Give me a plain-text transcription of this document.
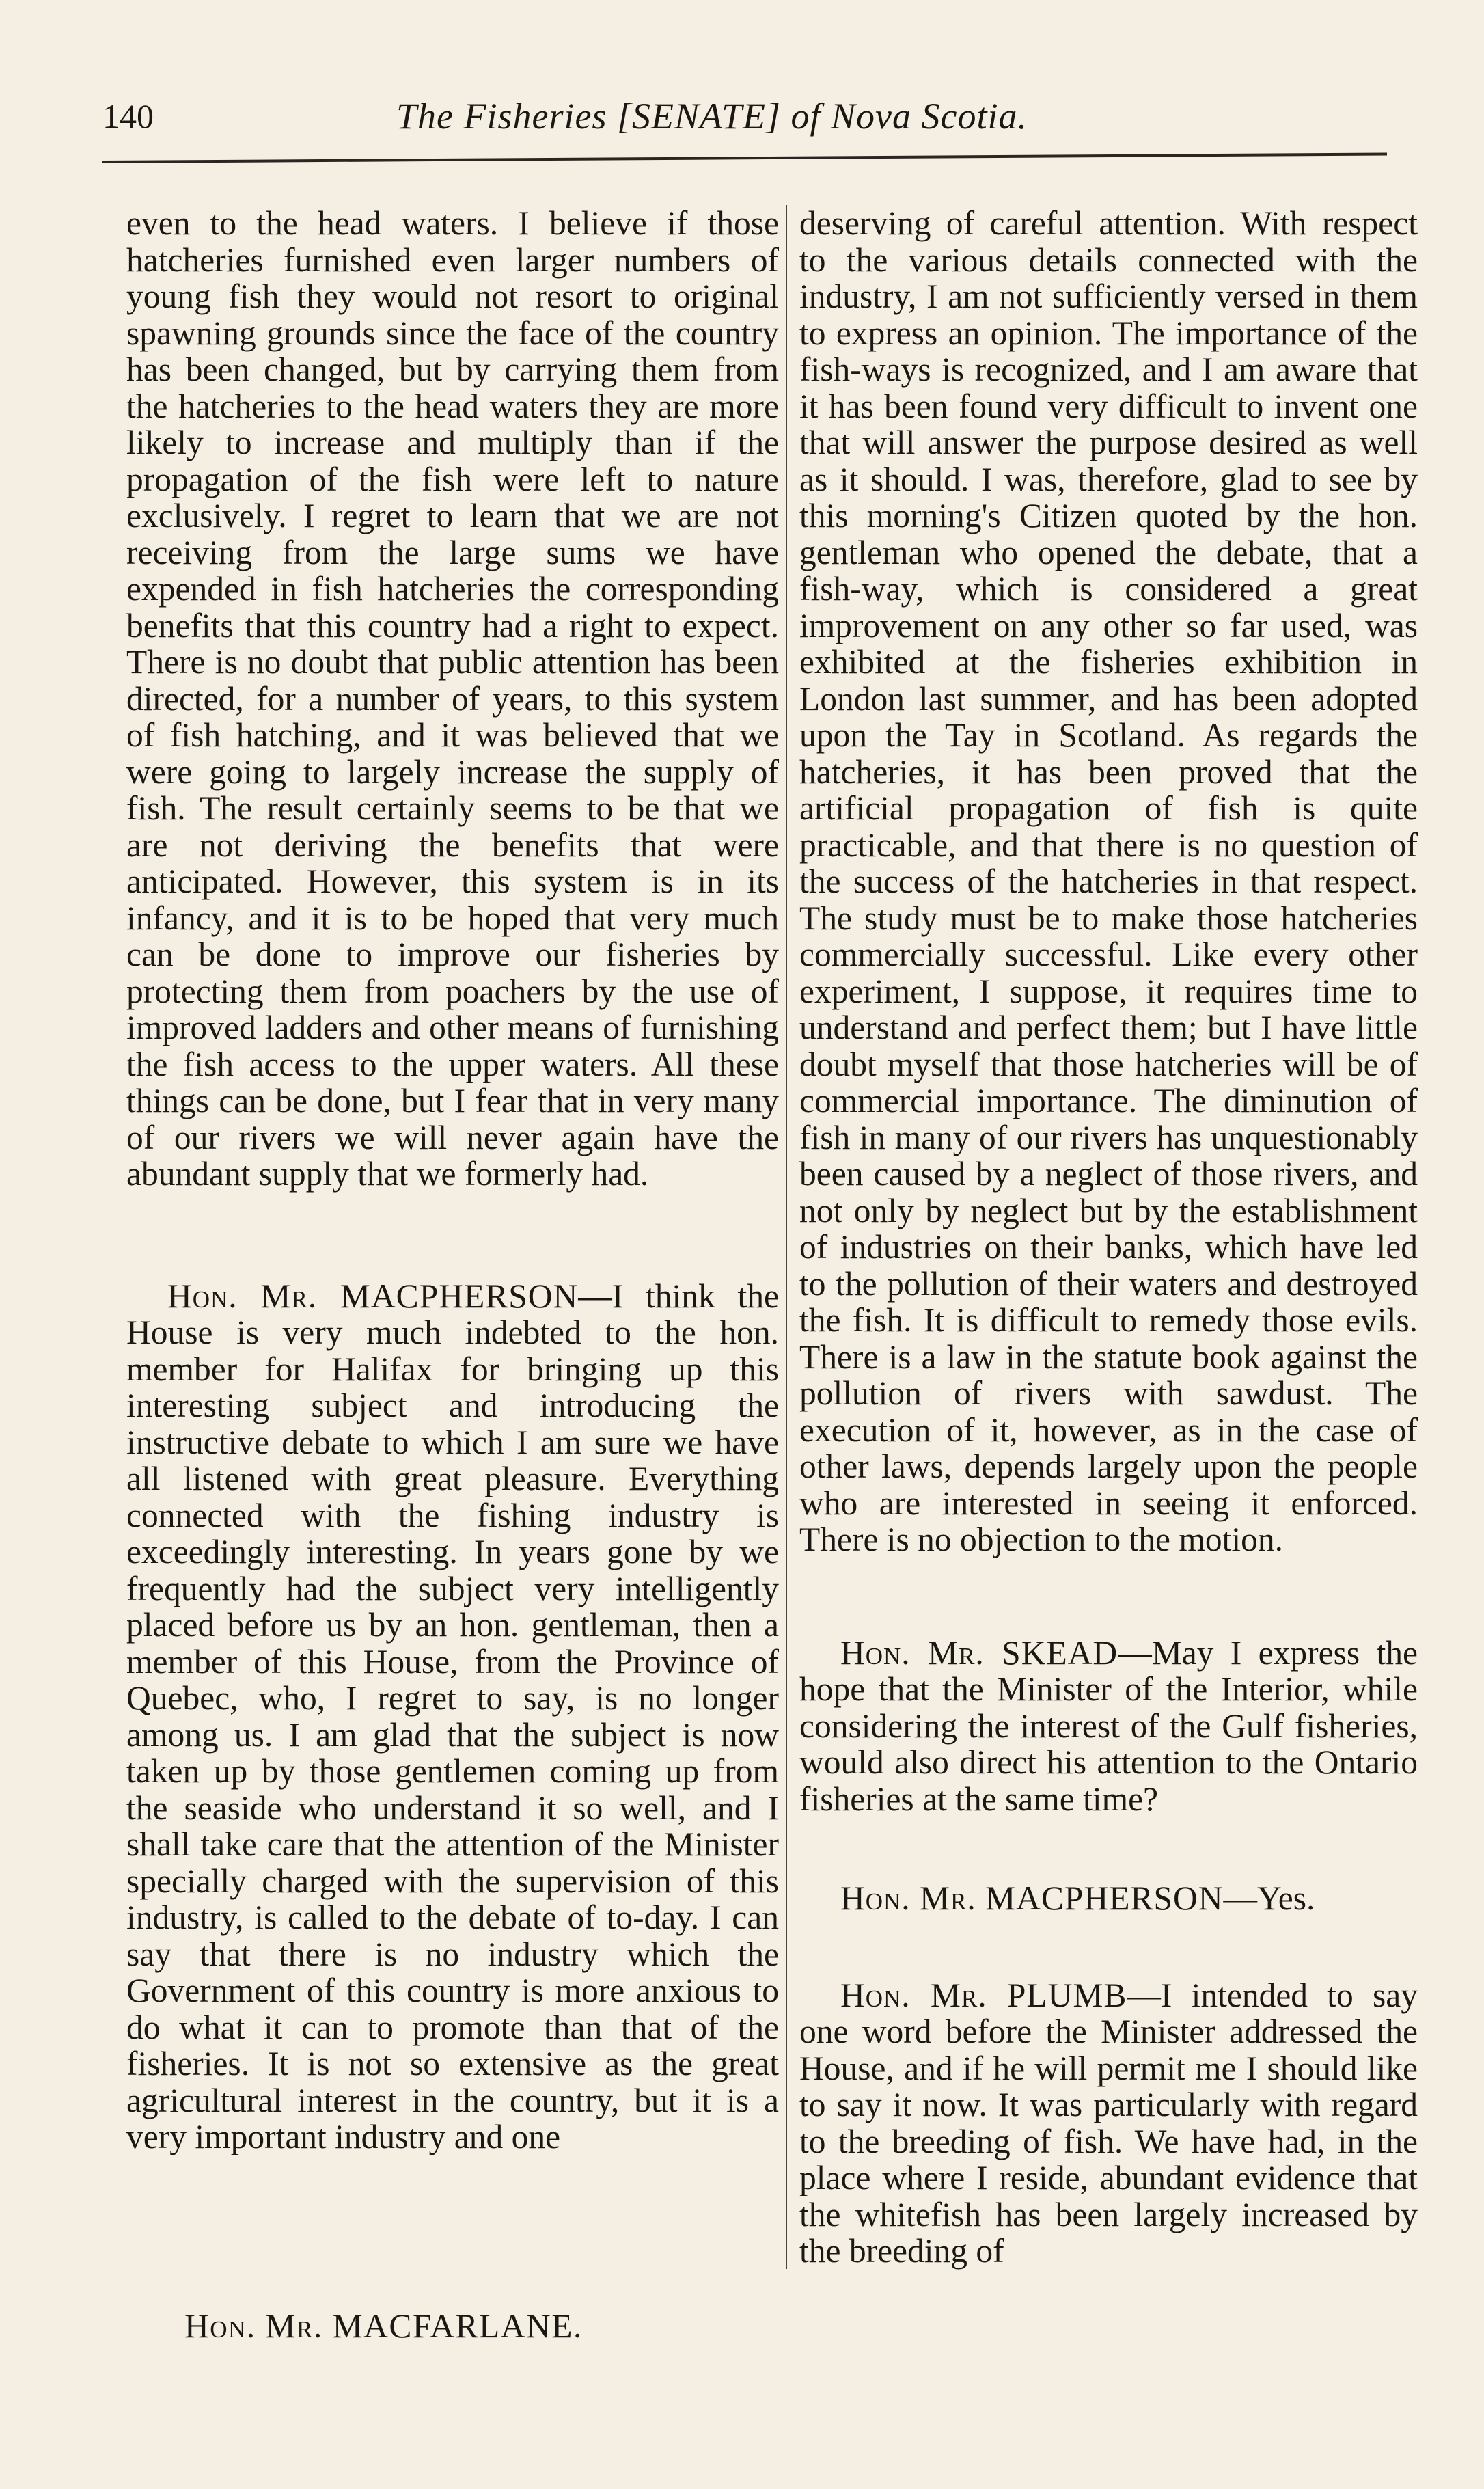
140	The Fisheries [SENATE] of Nova Scotia.

even to the head waters. I believe if those hatcheries furnished even larger numbers of young fish they would not resort to original spawning grounds since the face of the country has been changed, but by carrying them from the hatcheries to the head waters they are more likely to increase and multiply than if the propagation of the fish were left to nature exclusively. I regret to learn that we are not receiving from the large sums we have expended in fish hatcheries the corresponding benefits that this country had a right to expect. There is no doubt that public attention has been directed, for a number of years, to this system of fish hatching, and it was believed that we were going to largely increase the supply of fish. The result certainly seems to be that we are not deriving the benefits that were anticipated. However, this system is in its infancy, and it is to be hoped that very much can be done to improve our fisheries by protecting them from poachers by the use of improved ladders and other means of furnishing the fish access to the upper waters. All these things can be done, but I fear that in very many of our rivers we will never again have the abundant supply that we formerly had.

Hon. Mr. MACPHERSON—I think the House is very much indebted to the hon. member for Halifax for bringing up this interesting subject and introducing the instructive debate to which I am sure we have all listened with great pleasure. Everything connected with the fishing industry is exceedingly interesting. In years gone by we frequently had the subject very intelligently placed before us by an hon. gentleman, then a member of this House, from the Province of Quebec, who, I regret to say, is no longer among us. I am glad that the subject is now taken up by those gentlemen coming up from the seaside who understand it so well, and I shall take care that the attention of the Minister specially charged with the supervision of this industry, is called to the debate of to-day. I can say that there is no industry which the Government of this country is more anxious to do what it can to promote than that of the fisheries. It is not so extensive as the great agricultural interest in the country, but it is a very important industry and one

deserving of careful attention. With respect to the various details connected with the industry, I am not sufficiently versed in them to express an opinion. The importance of the fish-ways is recognized, and I am aware that it has been found very difficult to invent one that will answer the purpose desired as well as it should. I was, therefore, glad to see by this morning's Citizen quoted by the hon. gentleman who opened the debate, that a fish-way, which is considered a great improvement on any other so far used, was exhibited at the fisheries exhibition in London last summer, and has been adopted upon the Tay in Scotland. As regards the hatcheries, it has been proved that the artificial propagation of fish is quite practicable, and that there is no question of the success of the hatcheries in that respect. The study must be to make those hatcheries commercially successful. Like every other experiment, I suppose, it requires time to understand and perfect them; but I have little doubt myself that those hatcheries will be of commercial importance. The diminution of fish in many of our rivers has unquestionably been caused by a neglect of those rivers, and not only by neglect but by the establishment of industries on their banks, which have led to the pollution of their waters and destroyed the fish. It is difficult to remedy those evils. There is a law in the statute book against the pollution of rivers with sawdust. The execution of it, however, as in the case of other laws, depends largely upon the people who are interested in seeing it enforced. There is no objection to the motion.

Hon. Mr. SKEAD—May I express the hope that the Minister of the Interior, while considering the interest of the Gulf fisheries, would also direct his attention to the Ontario fisheries at the same time?

Hon. Mr. MACPHERSON—Yes.

Hon. Mr. PLUMB—I intended to say one word before the Minister addressed the House, and if he will permit me I should like to say it now. It was particularly with regard to the breeding of fish. We have had, in the place where I reside, abundant evidence that the whitefish has been largely increased by the breeding of

Hon. Mr. MACFARLANE.
